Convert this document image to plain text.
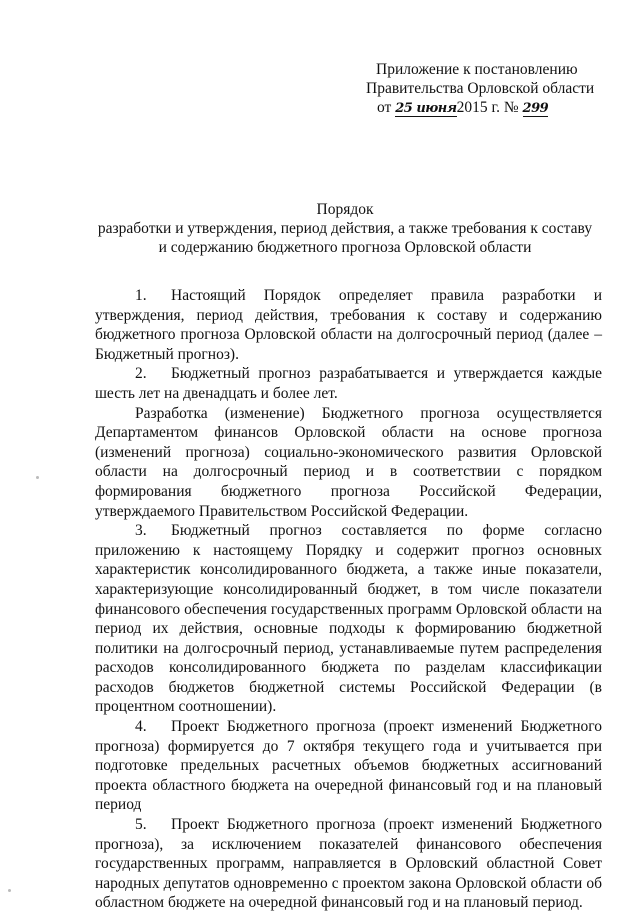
Приложение к постановлению
Правительства Орловской области
от 25 июня2015 г. № 299
Порядок
разработки и утверждения, период действия, а также требования к составу
и содержанию бюджетного прогноза Орловской области

1. Настоящий Порядок определяет правила разработки и утверждения, период действия, требования к составу и содержанию бюджетного прогноза Орловской области на долгосрочный период (далее – Бюджетный прогноз).

2. Бюджетный прогноз разрабатывается и утверждается каждые шесть лет на двенадцать и более лет.

Разработка (изменение) Бюджетного прогноза осуществляется Департаментом финансов Орловской области на основе прогноза (изменений прогноза) социально-экономического развития Орловской области на долгосрочный период и в соответствии с порядком формирования бюджетного прогноза Российской Федерации, утверждаемого Правительством Российской Федерации.

3. Бюджетный прогноз составляется по форме согласно приложению к настоящему Порядку и содержит прогноз основных характеристик консолидированного бюджета, а также иные показатели, характеризующие консолидированный бюджет, в том числе показатели финансового обеспечения государственных программ Орловской области на период их действия, основные подходы к формированию бюджетной политики на долгосрочный период, устанавливаемые путем распределения расходов консолидированного бюджета по разделам классификации расходов бюджетов бюджетной системы Российской Федерации (в процентном соотношении).

4. Проект Бюджетного прогноза (проект изменений Бюджетного прогноза) формируется до 7 октября текущего года и учитывается при подготовке предельных расчетных объемов бюджетных ассигнований проекта областного бюджета на очередной финансовый год и на плановый период

5. Проект Бюджетного прогноза (проект изменений Бюджетного прогноза), за исключением показателей финансового обеспечения государственных программ, направляется в Орловский областной Совет народных депутатов одновременно с проектом закона Орловской области об областном бюджете на очередной финансовый год и на плановый период.
